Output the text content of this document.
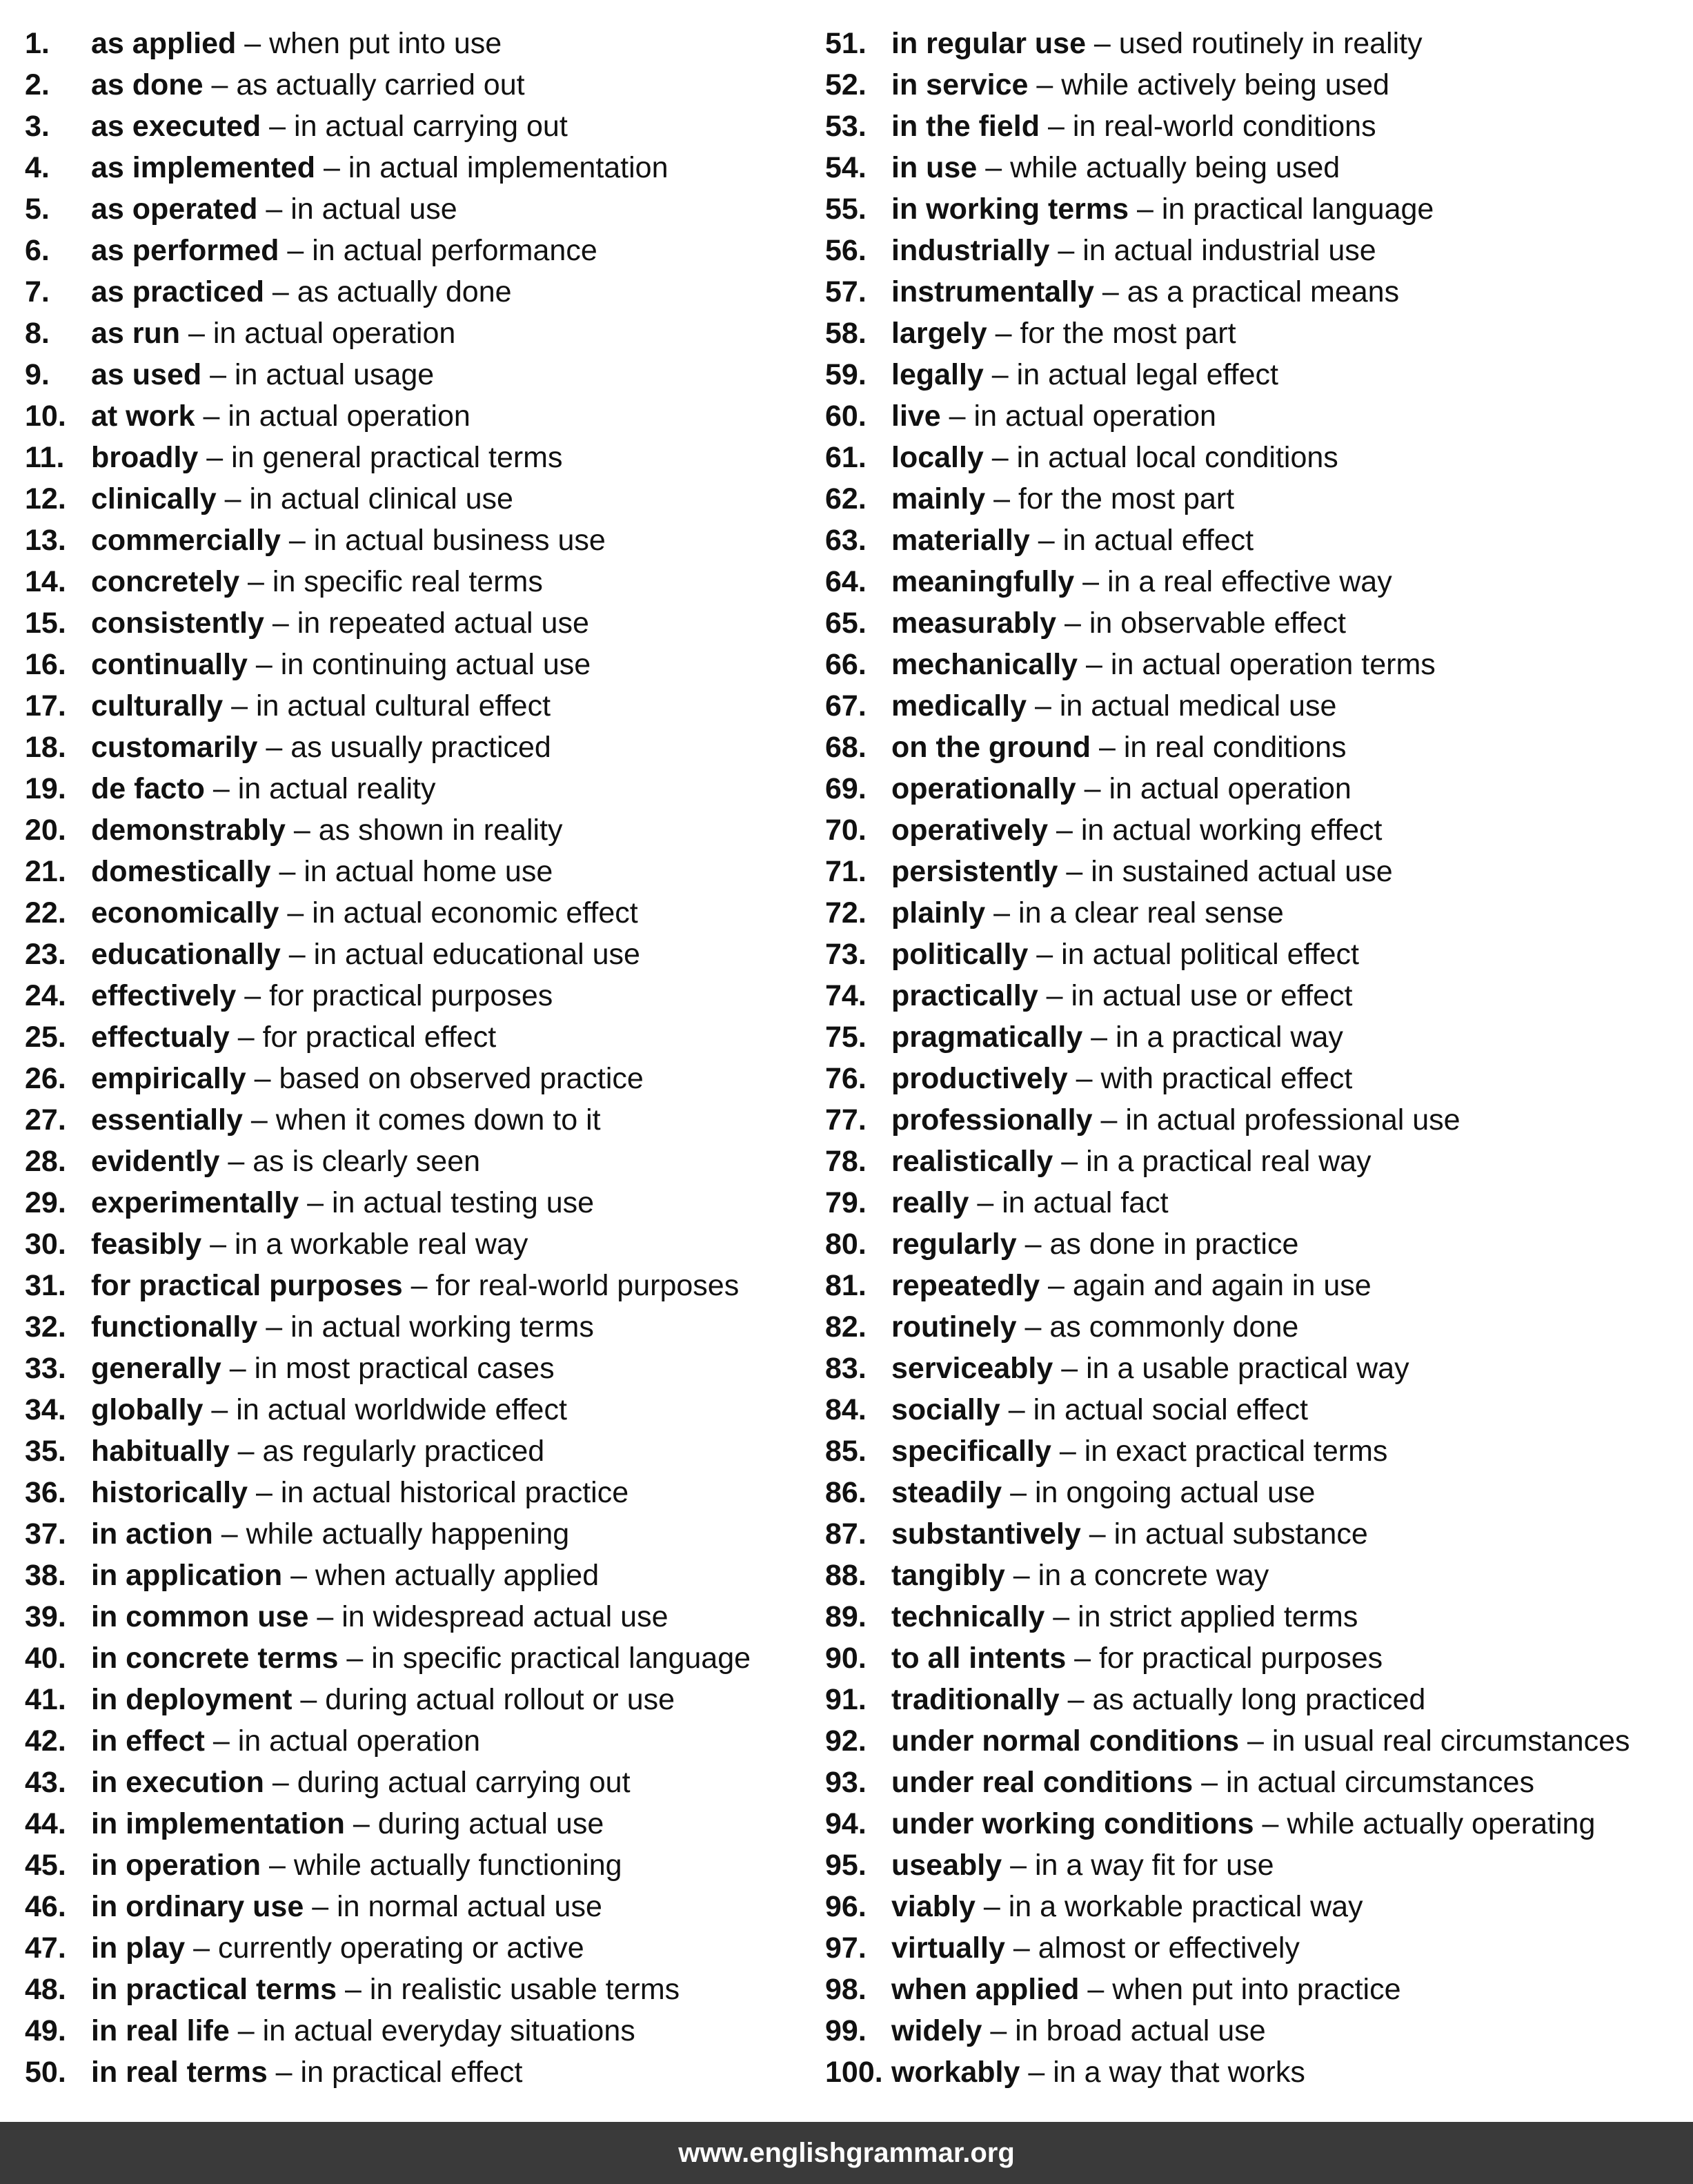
1.	as applied – when put into use
2.	as done – as actually carried out
3.	as executed – in actual carrying out
4.	as implemented – in actual implementation
5.	as operated – in actual use
6.	as performed – in actual performance
7.	as practiced – as actually done
8.	as run – in actual operation
9.	as used – in actual usage
10. at work – in actual operation
11. broadly – in general practical terms
12. clinically – in actual clinical use
13. commercially – in actual business use
14. concretely – in specific real terms
15. consistently – in repeated actual use
16. continually – in continuing actual use
17. culturally – in actual cultural effect
18. customarily – as usually practiced
19. de facto – in actual reality
20. demonstrably – as shown in reality
21. domestically – in actual home use
22. economically – in actual economic effect
23. educationally – in actual educational use
24. effectively – for practical purposes
25. effectualy – for practical effect
26. empirically – based on observed practice
27. essentially – when it comes down to it
28. evidently – as is clearly seen
29. experimentally – in actual testing use
30. feasibly – in a workable real way
31. for practical purposes – for real-world purposes
32. functionally – in actual working terms
33. generally – in most practical cases
34. globally – in actual worldwide effect
35. habitually – as regularly practiced
36. historically – in actual historical practice
37. in action – while actually happening
38. in application – when actually applied
39. in common use – in widespread actual use
40. in concrete terms – in specific practical language
41. in deployment – during actual rollout or use
42. in effect – in actual operation
43. in execution – during actual carrying out
44. in implementation – during actual use
45. in operation – while actually functioning
46. in ordinary use – in normal actual use
47. in play – currently operating or active
48. in practical terms – in realistic usable terms
49. in real life – in actual everyday situations
50. in real terms – in practical effect
51. in regular use – used routinely in reality
52. in service – while actively being used
53. in the field – in real-world conditions
54. in use – while actually being used
55. in working terms – in practical language
56. industrially – in actual industrial use
57. instrumentally – as a practical means
58. largely – for the most part
59. legally – in actual legal effect
60. live – in actual operation
61. locally – in actual local conditions
62. mainly – for the most part
63. materially – in actual effect
64. meaningfully – in a real effective way
65. measurably – in observable effect
66. mechanically – in actual operation terms
67. medically – in actual medical use
68. on the ground – in real conditions
69. operationally – in actual operation
70. operatively – in actual working effect
71. persistently – in sustained actual use
72. plainly – in a clear real sense
73. politically – in actual political effect
74. practically – in actual use or effect
75. pragmatically – in a practical way
76. productively – with practical effect
77. professionally – in actual professional use
78. realistically – in a practical real way
79. really – in actual fact
80. regularly – as done in practice
81. repeatedly – again and again in use
82. routinely – as commonly done
83. serviceably – in a usable practical way
84. socially – in actual social effect
85. specifically – in exact practical terms
86. steadily – in ongoing actual use
87. substantively – in actual substance
88. tangibly – in a concrete way
89. technically – in strict applied terms
90. to all intents – for practical purposes
91. traditionally – as actually long practiced
92. under normal conditions – in usual real circumstances
93. under real conditions – in actual circumstances
94. under working conditions – while actually operating
95. useably – in a way fit for use
96. viably – in a workable practical way
97. virtually – almost or effectively
98. when applied – when put into practice
99. widely – in broad actual use
100. workably – in a way that works
www.englishgrammar.org
